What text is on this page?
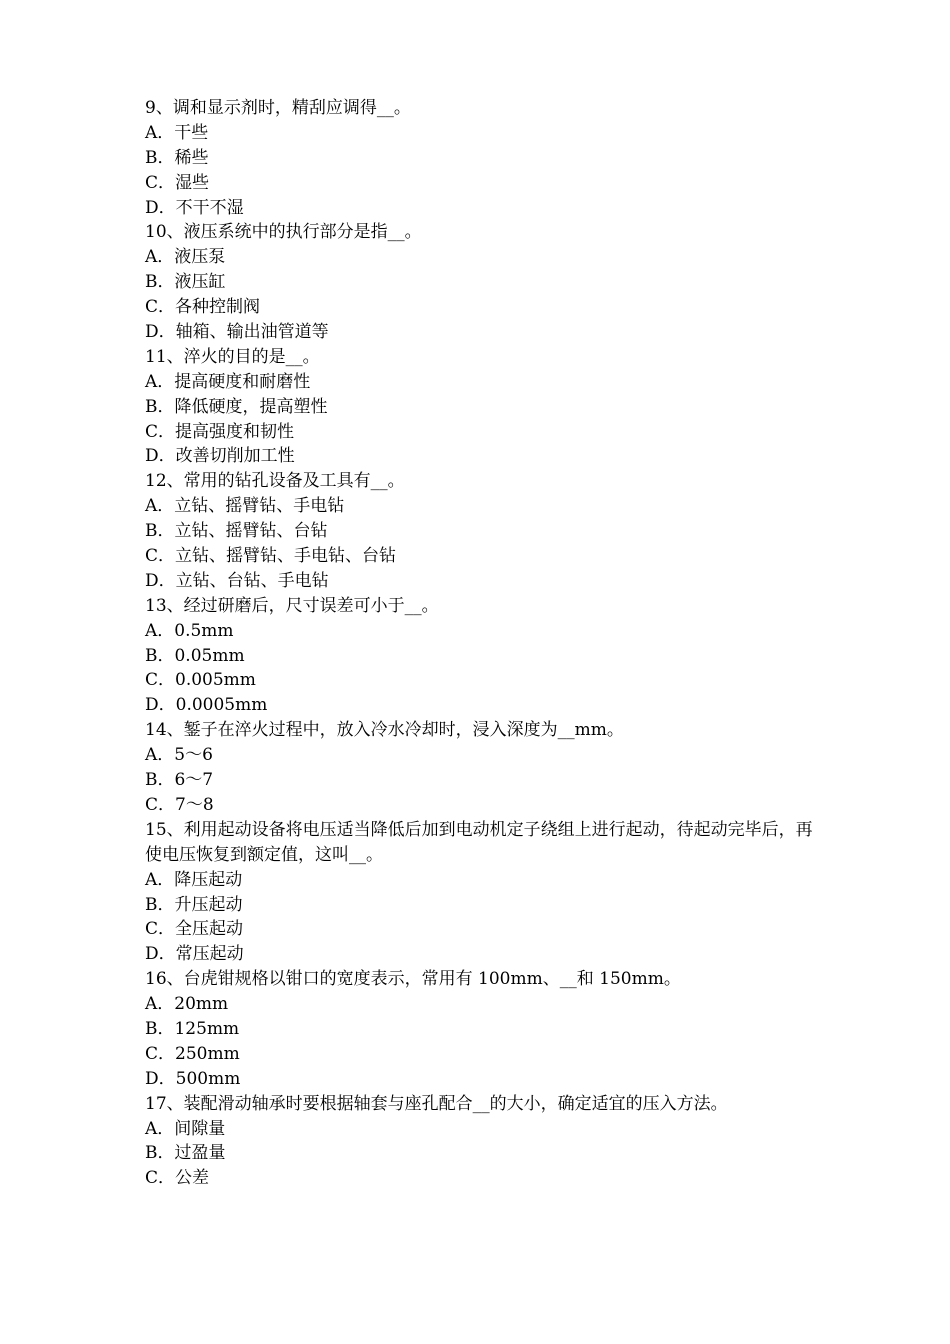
9、调和显示剂时，精刮应调得__。
A．干些
B．稀些
C．湿些
D．不干不湿
10、液压系统中的执行部分是指__。
A．液压泵
B．液压缸
C．各种控制阀
D．轴箱、输出油管道等
11、淬火的目的是__。
A．提高硬度和耐磨性
B．降低硬度，提高塑性
C．提高强度和韧性
D．改善切削加工性
12、常用的钻孔设备及工具有__。
A．立钻、摇臂钻、手电钻
B．立钻、摇臂钻、台钻
C．立钻、摇臂钻、手电钻、台钻
D．立钻、台钻、手电钻
13、经过研磨后，尺寸误差可小于__。
A．0.5mm
B．0.05mm
C．0.005mm
D．0.0005mm
14、錾子在淬火过程中，放入冷水冷却时，浸入深度为__mm。
A．5～6
B．6～7
C．7～8
15、利用起动设备将电压适当降低后加到电动机定子绕组上进行起动，待起动完毕后，再使电压恢复到额定值，这叫__。
A．降压起动
B．升压起动
C．全压起动
D．常压起动
16、台虎钳规格以钳口的宽度表示，常用有 100mm、__和 150mm。
A．20mm
B．125mm
C．250mm
D．500mm
17、装配滑动轴承时要根据轴套与座孔配合__的大小，确定适宜的压入方法。
A．间隙量
B．过盈量
C．公差
